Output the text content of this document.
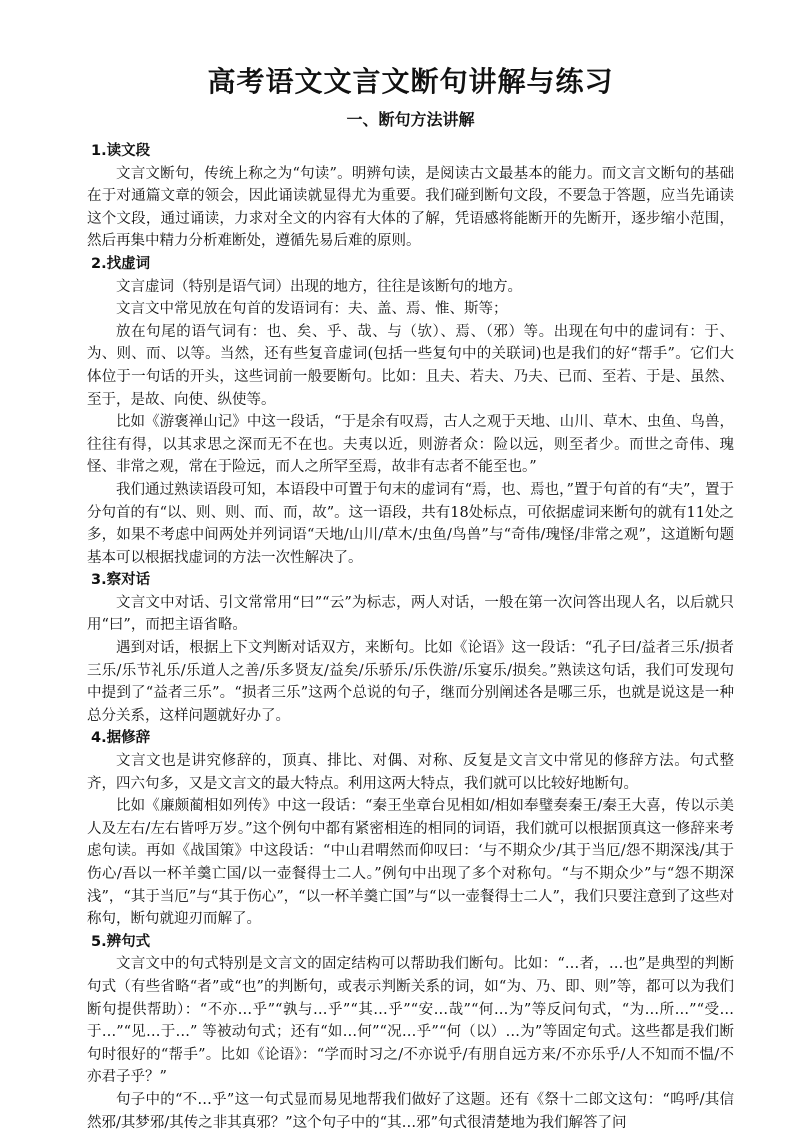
高考语文文言文断句讲解与练习
一、断句方法讲解
1.读文段

文言文断句，传统上称之为“句读”。明辨句读，是阅读古文最基本的能力。而文言文断句的基础在于对通篇文章的领会，因此诵读就显得尤为重要。我们碰到断句文段，不要急于答题，应当先诵读这个文段，通过诵读，力求对全文的内容有大体的了解，凭语感将能断开的先断开，逐步缩小范围，然后再集中精力分析难断处，遵循先易后难的原则。

2.找虚词

文言虚词（特别是语气词）出现的地方，往往是该断句的地方。

文言文中常见放在句首的发语词有：夫、盖、焉、惟、斯等；

放在句尾的语气词有：也、矣、乎、哉、与（欤）、焉、（邪）等。出现在句中的虚词有：于、为、则、而、以等。当然，还有些复音虚词(包括一些复句中的关联词)也是我们的好“帮手”。它们大体位于一句话的开头，这些词前一般要断句。比如：且夫、若夫、乃夫、已而、至若、于是、虽然、至于，是故、向使、纵使等。

比如《游褒禅山记》中这一段话，“于是余有叹焉，古人之观于天地、山川、草木、虫鱼、鸟兽，往往有得，以其求思之深而无不在也。夫夷以近，则游者众：险以远，则至者少。而世之奇伟、瑰怪、非常之观，常在于险远，而人之所罕至焉，故非有志者不能至也。”

我们通过熟读语段可知，本语段中可置于句末的虚词有“焉，也、焉也，”置于句首的有“夫”，置于分句首的有“以、则、则、而、而，故”。这一语段，共有18处标点，可依据虚词来断句的就有11处之多，如果不考虑中间两处并列词语“天地/山川/草木/虫鱼/鸟兽”与“奇伟/瑰怪/非常之观”，这道断句题基本可以根据找虚词的方法一次性解决了。

3.察对话

文言文中对话、引文常常用“曰”“云”为标志，两人对话，一般在第一次问答出现人名，以后就只用“曰”，而把主语省略。

遇到对话，根据上下文判断对话双方，来断句。比如《论语》这一段话：“孔子曰/益者三乐/损者三乐/乐节礼乐/乐道人之善/乐多贤友/益矣/乐骄乐/乐佚游/乐宴乐/损矣。”熟读这句话，我们可发现句中提到了“益者三乐”。“损者三乐”这两个总说的句子，继而分别阐述各是哪三乐，也就是说这是一种总分关系，这样问题就好办了。

4.据修辞

文言文也是讲究修辞的，顶真、排比、对偶、对称、反复是文言文中常见的修辞方法。句式整齐，四六句多，又是文言文的最大特点。利用这两大特点，我们就可以比较好地断句。

比如《廉颇蔺相如列传》中这一段话：“秦王坐章台见相如/相如奉璧奏秦王/秦王大喜，传以示美人及左右/左右皆呼万岁。”这个例句中都有紧密相连的相同的词语，我们就可以根据顶真这一修辞来考虑句读。再如《战国策》中这段话：“中山君喟然而仰叹曰：‘与不期众少/其于当厄/怨不期深浅/其于伤心/吾以一杯羊羹亡国/以一壶餐得士二人。”例句中出现了多个对称句。“与不期众少”与“怨不期深浅”，“其于当厄”与“其于伤心”，“以一杯羊羹亡国”与“以一壶餐得士二人”，我们只要注意到了这些对称句，断句就迎刃而解了。

5.辨句式

文言文中的句式特别是文言文的固定结构可以帮助我们断句。比如：“…者，…也”是典型的判断句式（有些省略“者”或“也”的判断句，或表示判断关系的词，如“为、乃、即、则”等，都可以为我们断句提供帮助）：“不亦…乎”“孰与…乎”“其…乎”“安…哉”“何…为”等反问句式，“为…所…”“受…于…”“见…于…” 等被动句式；还有“如…何”“况…乎”“何（以）…为”等固定句式。这些都是我们断句时很好的“帮手”。比如《论语》：“学而时习之/不亦说乎/有朋自远方来/不亦乐乎/人不知而不愠/不亦君子乎？”

句子中的“不…乎”这一句式显而易见地帮我们做好了这题。还有《祭十二郎文这句：“呜呼/其信然邪/其梦邪/其传之非其真邪？”这个句子中的“其…邪”句式很清楚地为我们解答了问
